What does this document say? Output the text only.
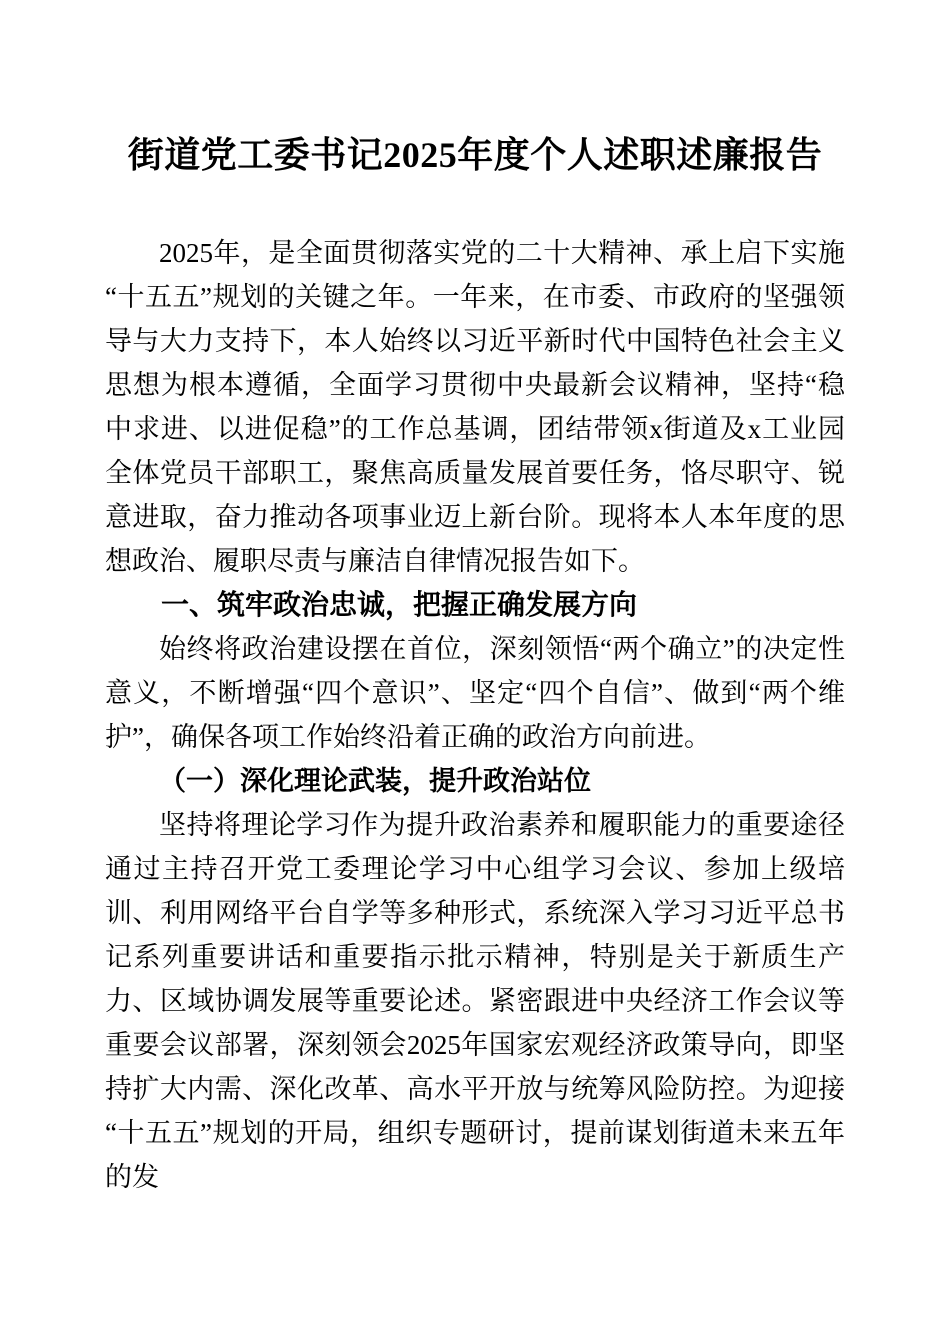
街道党工委书记2025年度个人述职述廉报告

2025年，是全面贯彻落实党的二十大精神、承上启下实施“十五五”规划的关键之年。一年来，在市委、市政府的坚强领导与大力支持下，本人始终以习近平新时代中国特色社会主义思想为根本遵循，全面学习贯彻中央最新会议精神，坚持“稳中求进、以进促稳”的工作总基调，团结带领x街道及x工业园全体党员干部职工，聚焦高质量发展首要任务，恪尽职守、锐意进取，奋力推动各项事业迈上新台阶。现将本人本年度的思想政治、履职尽责与廉洁自律情况报告如下。

一、筑牢政治忠诚，把握正确发展方向

始终将政治建设摆在首位，深刻领悟“两个确立”的决定性意义，不断增强“四个意识”、坚定“四个自信”、做到“两个维护”，确保各项工作始终沿着正确的政治方向前进。

（一）深化理论武装，提升政治站位

坚持将理论学习作为提升政治素养和履职能力的重要途径通过主持召开党工委理论学习中心组学习会议、参加上级培训、利用网络平台自学等多种形式，系统深入学习习近平总书记系列重要讲话和重要指示批示精神，特别是关于新质生产力、区域协调发展等重要论述。紧密跟进中央经济工作会议等重要会议部署，深刻领会2025年国家宏观经济政策导向，即坚持扩大内需、深化改革、高水平开放与统筹风险防控。为迎接“十五五”规划的开局，组织专题研讨，提前谋划街道未来五年的发
